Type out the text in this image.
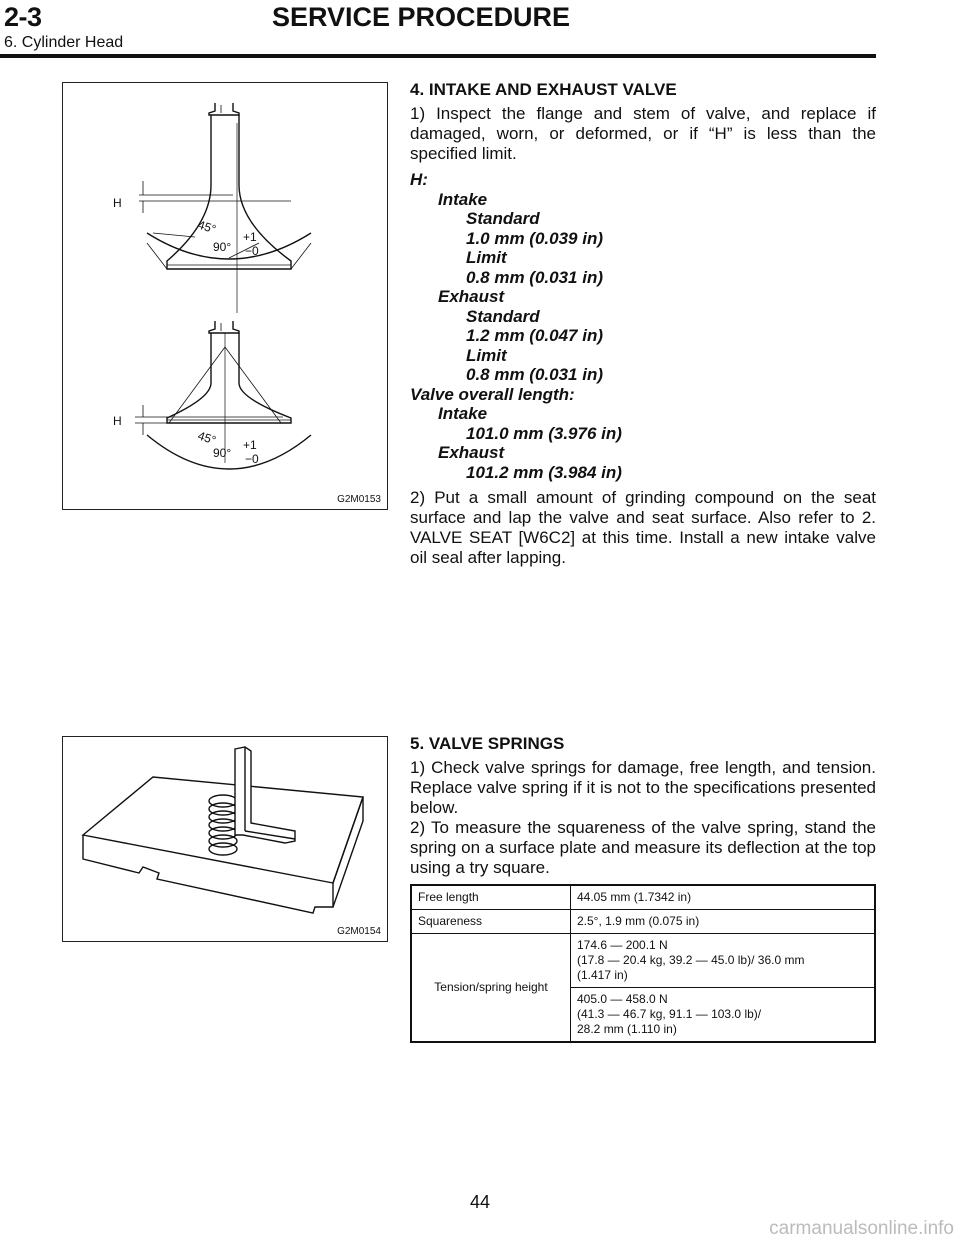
2-3	SERVICE PROCEDURE
6. Cylinder Head
H
45°
90°
+1
−0
H
45°
90°
+1
−0
G2M0153
G2M0154
4. INTAKE AND EXHAUST VALVE

1) Inspect the flange and stem of valve, and replace if damaged, worn, or deformed, or if “H” is less than the specified limit.

H:
Intake
Standard
1.0 mm (0.039 in)
Limit
0.8 mm (0.031 in)
Exhaust
Standard
1.2 mm (0.047 in)
Limit
0.8 mm (0.031 in)
Valve overall length:
Intake
101.0 mm (3.976 in)
Exhaust
101.2 mm (3.984 in)

2) Put a small amount of grinding compound on the seat surface and lap the valve and seat surface. Also refer to 2. VALVE SEAT [W6C2] at this time. Install a new intake valve oil seal after lapping.

5. VALVE SPRINGS

1) Check valve springs for damage, free length, and tension. Replace valve spring if it is not to the specifications presented below.

2) To measure the squareness of the valve spring, stand the spring on a surface plate and measure its deflection at the top using a try square.

Free length	44.05 mm (1.7342 in)
Squareness	2.5°, 1.9 mm (0.075 in)
Tension/spring height	174.6 — 200.1 N
(17.8 — 20.4 kg, 39.2 — 45.0 lb)/ 36.0 mm
(1.417 in)

	405.0 — 458.0 N
(41.3 — 46.7 kg, 91.1 — 103.0 lb)/
28.2 mm (1.110 in)
44
carmanualsonline.info
